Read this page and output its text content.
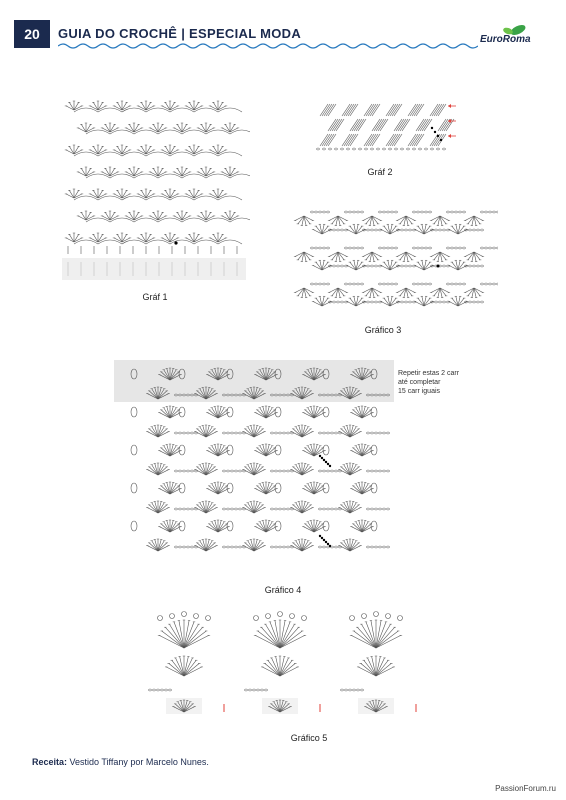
20	GUIA DO CROCHÊ | ESPECIAL MODA	EuroRoma
Gráf 1
Gráf 2
Gráfico 3
Repetir estas 2 carr
até completar
15 carr iguais
Gráfico 4
Gráfico 5
Receita: Vestido Tiffany por Marcelo Nunes.
PassionForum.ru
